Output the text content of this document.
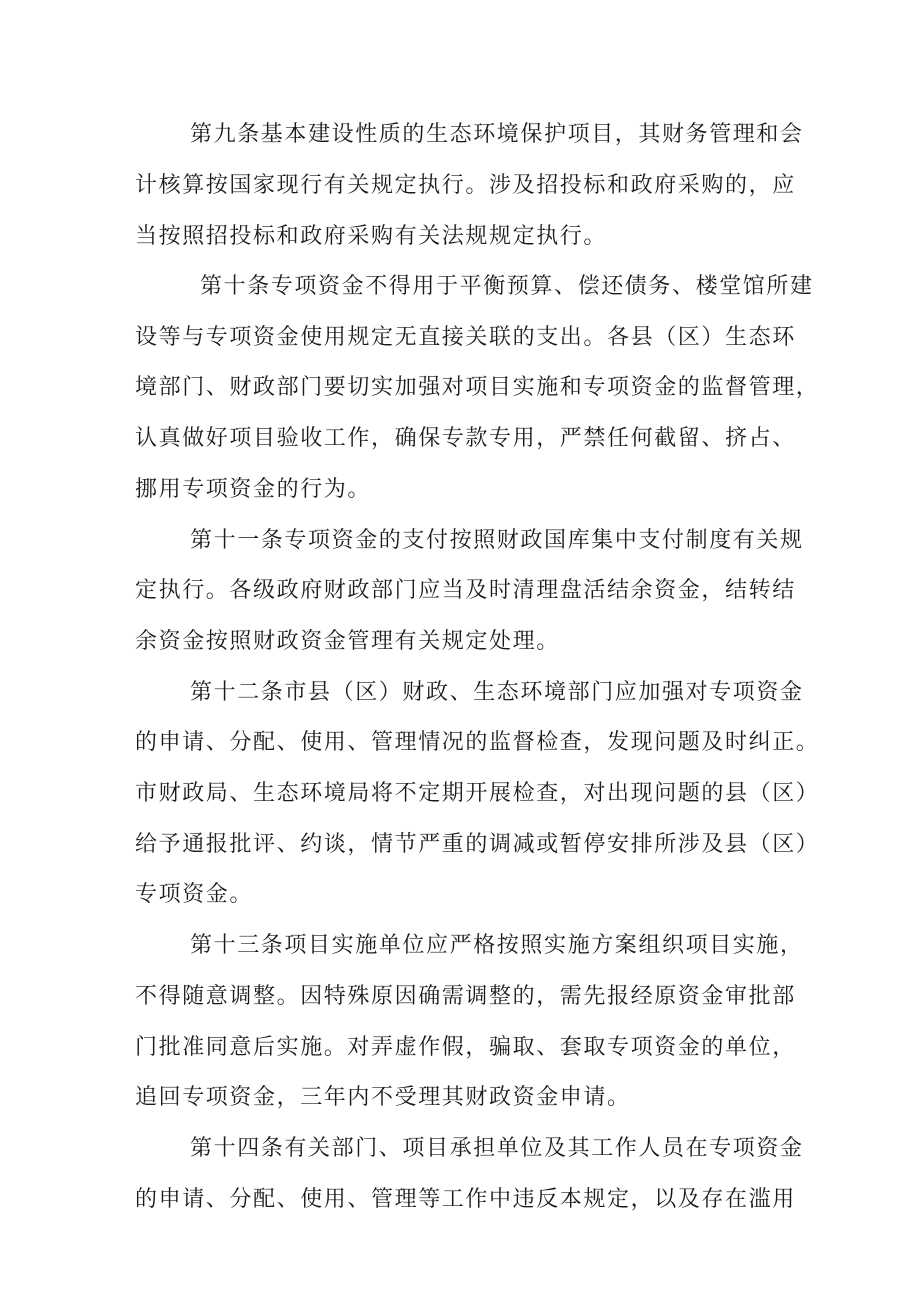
第九条基本建设性质的生态环境保护项目，其财务管理和会
计核算按国家现行有关规定执行。涉及招投标和政府采购的，应
当按照招投标和政府采购有关法规规定执行。
第十条专项资金不得用于平衡预算、偿还债务、楼堂馆所建
设等与专项资金使用规定无直接关联的支出。各县（区）生态环
境部门、财政部门要切实加强对项目实施和专项资金的监督管理，
认真做好项目验收工作，确保专款专用，严禁任何截留、挤占、
挪用专项资金的行为。
第十一条专项资金的支付按照财政国库集中支付制度有关规
定执行。各级政府财政部门应当及时清理盘活结余资金，结转结
余资金按照财政资金管理有关规定处理。
第十二条市县（区）财政、生态环境部门应加强对专项资金
的申请、分配、使用、管理情况的监督检查，发现问题及时纠正。
市财政局、生态环境局将不定期开展检查，对出现问题的县（区）
给予通报批评、约谈，情节严重的调减或暂停安排所涉及县（区）
专项资金。
第十三条项目实施单位应严格按照实施方案组织项目实施，
不得随意调整。因特殊原因确需调整的，需先报经原资金审批部
门批准同意后实施。对弄虚作假，骗取、套取专项资金的单位，
追回专项资金，三年内不受理其财政资金申请。
第十四条有关部门、项目承担单位及其工作人员在专项资金
的申请、分配、使用、管理等工作中违反本规定，以及存在滥用
